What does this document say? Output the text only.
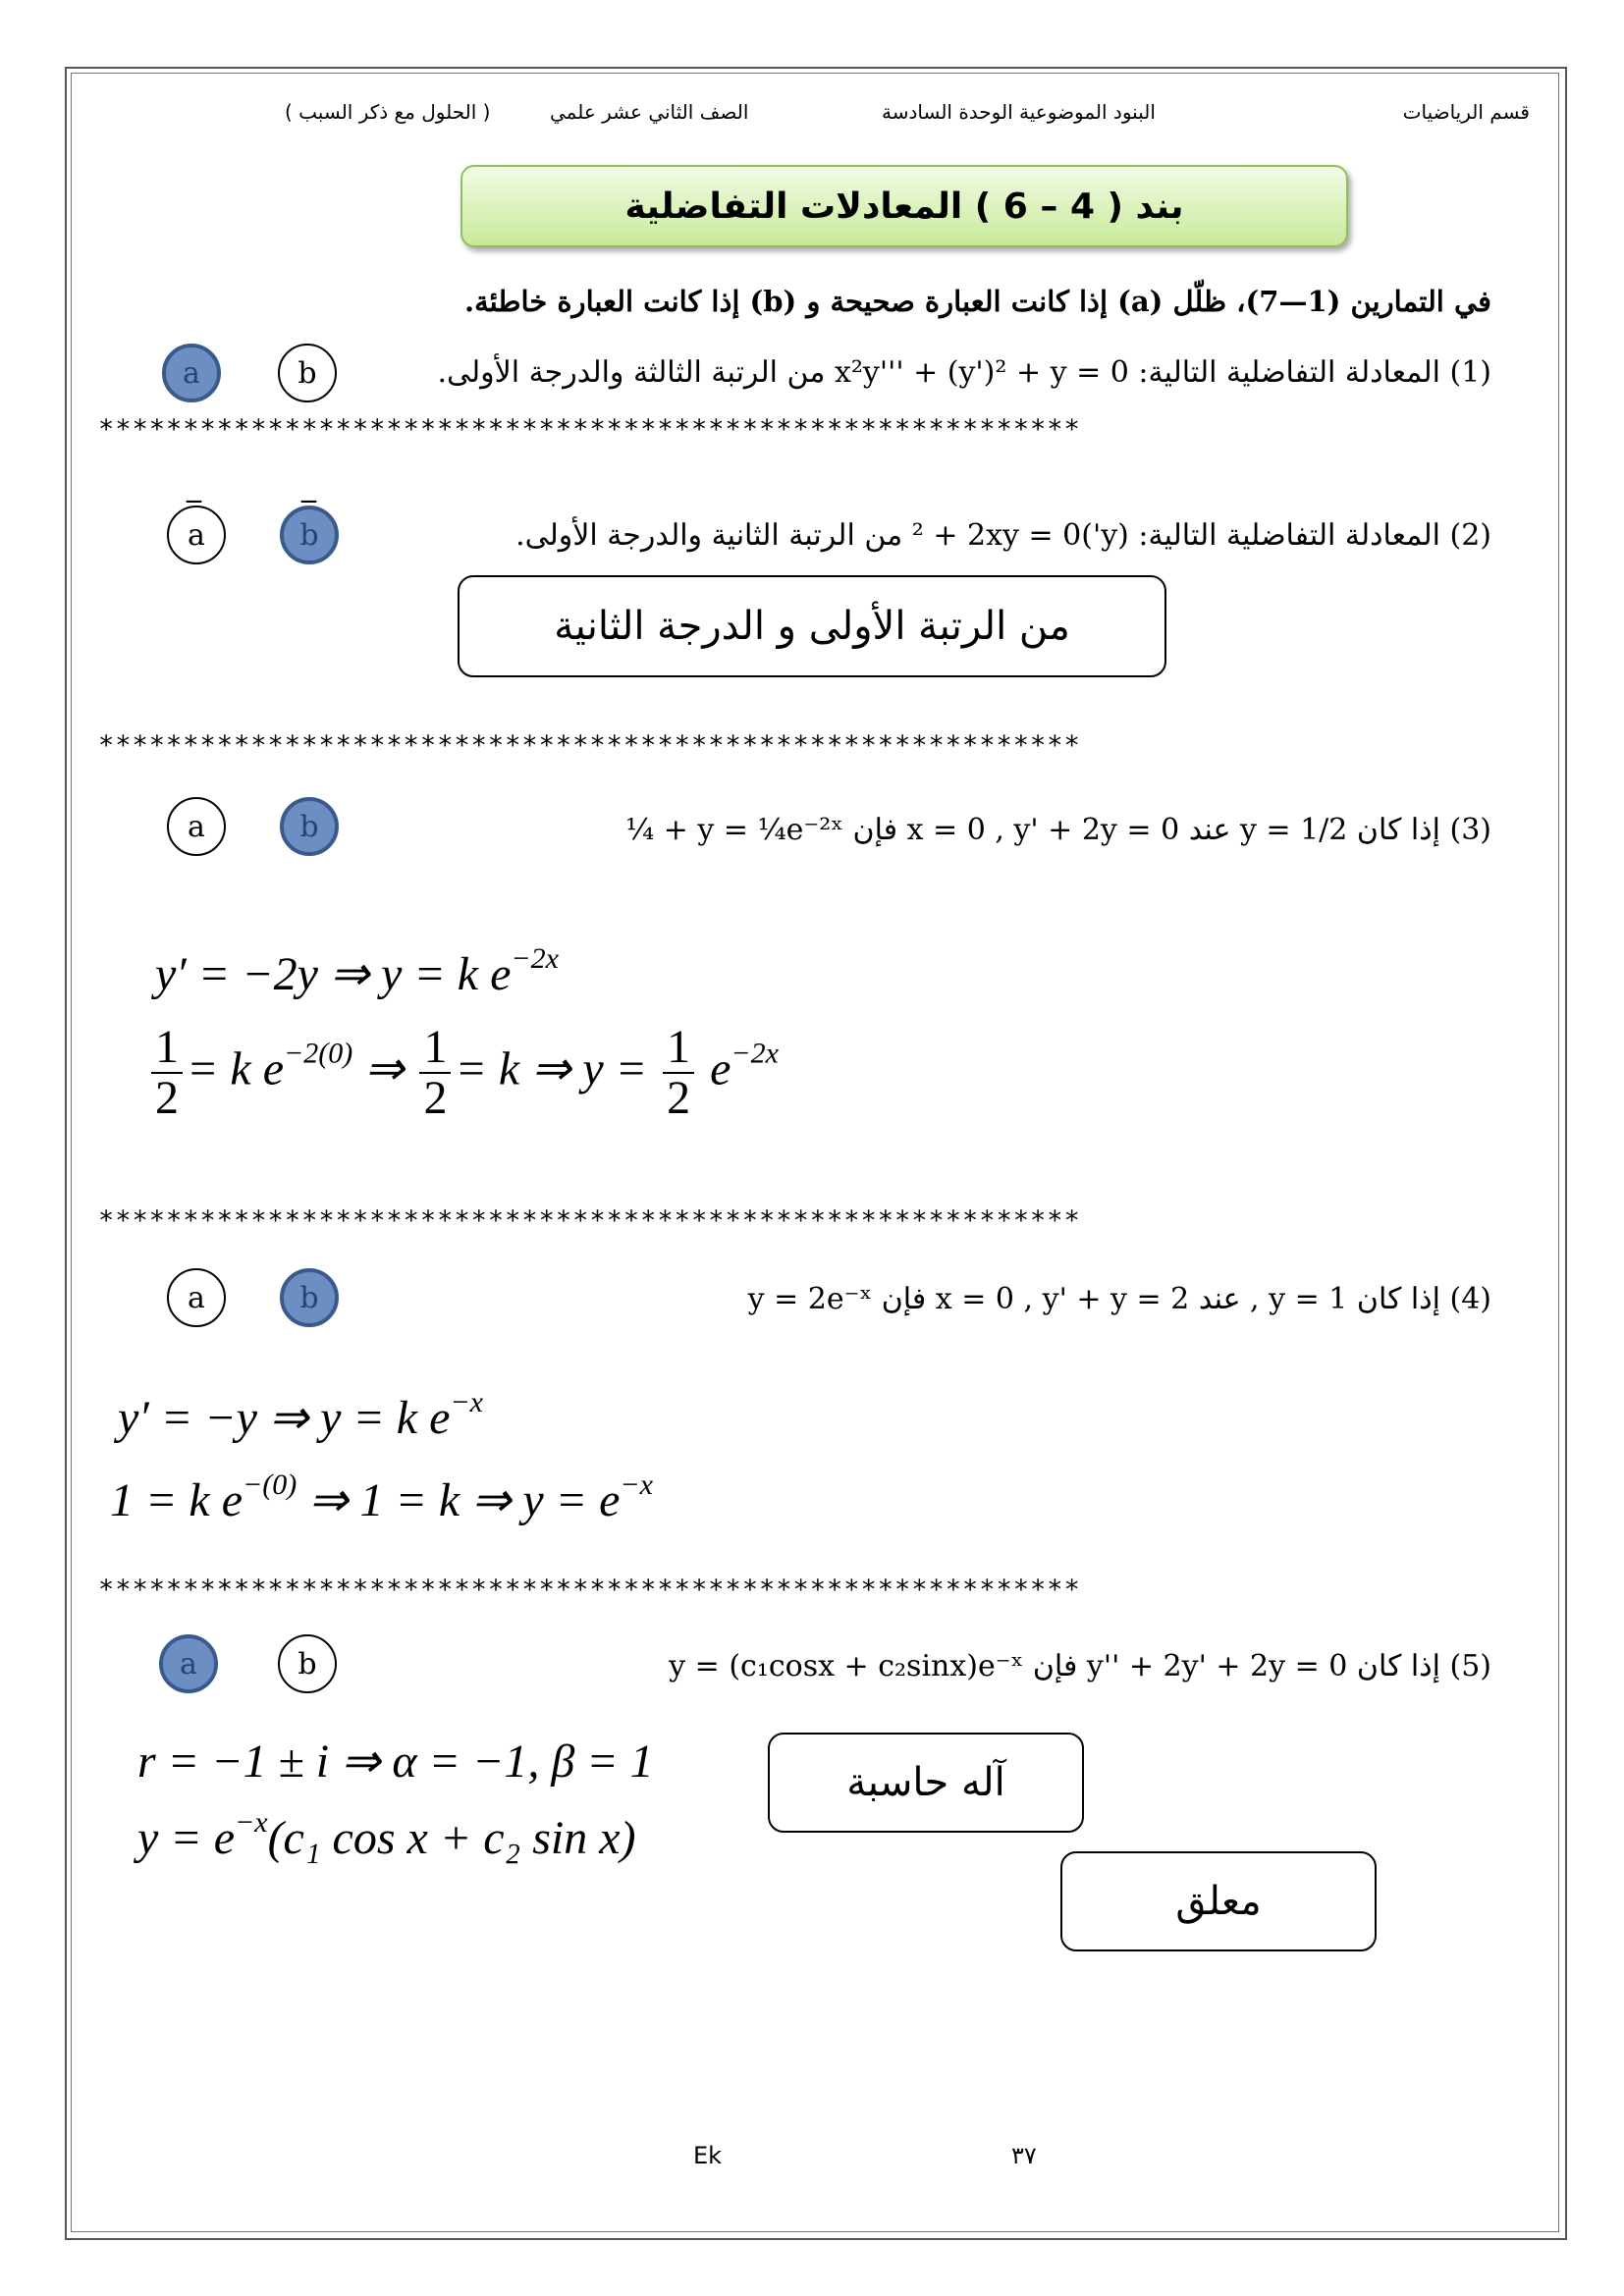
قسم الرياضيات
البنود الموضوعية الوحدة السادسة
الصف الثاني عشر علمي
( الحلول مع ذكر السبب )
بند ( 4 – 6 ) المعادلات التفاضلية
في التمارين (1—7)، ظلّل (a) إذا كانت العبارة صحيحة و (b) إذا كانت العبارة خاطئة.
a	b	(1) المعادلة التفاضلية التالية: x²y''' + (y')² + y = 0 من الرتبة الثالثة والدرجة الأولى.
**********************************************************
_	_
a	b	(2) المعادلة التفاضلية التالية: (y')² + 2xy = 0 من الرتبة الثانية والدرجة الأولى.
من الرتبة الأولى و الدرجة الثانية
**********************************************************
a	b	(3) إذا كان y = 1/2 عند x = 0 , y' + 2y = 0 فإن y = ¼e⁻²ˣ + ¼
y′ = −2y ⇒ y = k $e^{-2x}$
$\frac{1}{2} = k$ $e^{-2(0)}$ ⇒ $\frac{1}{2} = k$ ⇒ $y = \frac{1}{2} e^{-2x}$
**********************************************************
a	b	(4) إذا كان y = 1 , عند x = 0 , y' + y = 2 فإن y = 2e⁻ˣ
y′ = −y ⇒ y = k $e^{-x}$
1 = k $e^{-(0)}$ ⇒ 1 = k ⇒ $y = e^{-x}$
**********************************************************
a	b	(5) إذا كان y'' + 2y' + 2y = 0 فإن y = (c₁cosx + c₂sinx)e⁻ˣ
r = −1 ± i ⇒ α = −1, β = 1
$y = e^{-x}(c_1$ cos x + c₂ sin x)
آله حاسبة
معلق
Ek	٣٧
